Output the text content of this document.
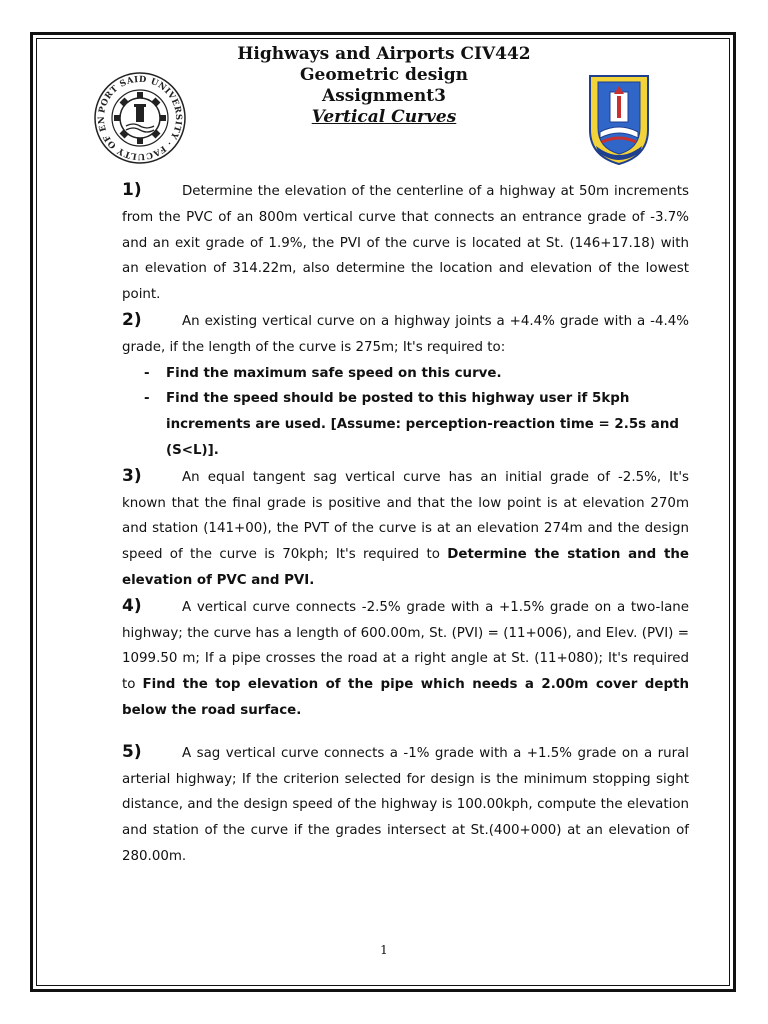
PORT SAID UNIVERSITY · FACULTY OF EN
Highways and Airports CIV442
Geometric design
Assignment3
Vertical Curves

1)	Determine the elevation of the centerline of a highway at 50m increments from the PVC of an 800m vertical curve that connects an entrance grade of -3.7% and an exit grade of 1.9%, the PVI of the curve is located at St. (146+17.18) with an elevation of 314.22m, also determine the location and elevation of the lowest point.

2)	An existing vertical curve on a highway joints a +4.4% grade with a -4.4% grade, if the length of the curve is 275m; It's required to:

- Find the maximum safe speed on this curve.
- Find the speed should be posted to this highway user if 5kph increments are used. [Assume: perception-reaction time = 2.5s and (S<L)].

3)	An equal tangent sag vertical curve has an initial grade of -2.5%, It's known that the final grade is positive and that the low point is at elevation 270m and station (141+00), the PVT of the curve is at an elevation 274m and the design speed of the curve is 70kph; It's required to Determine the station and the elevation of PVC and PVI.

4)	A vertical curve connects -2.5% grade with a +1.5% grade on a two-lane highway; the curve has a length of 600.00m, St. (PVI) = (11+006), and Elev. (PVI) = 1099.50 m; If a pipe crosses the road at a right angle at St. (11+080); It's required to Find the top elevation of the pipe which needs a 2.00m cover depth below the road surface.

5)	A sag vertical curve connects a -1% grade with a +1.5% grade on a rural arterial highway; If the criterion selected for design is the minimum stopping sight distance, and the design speed of the highway is 100.00kph, compute the elevation and station of the curve if the grades intersect at St.(400+000) at an elevation of 280.00m.

1
